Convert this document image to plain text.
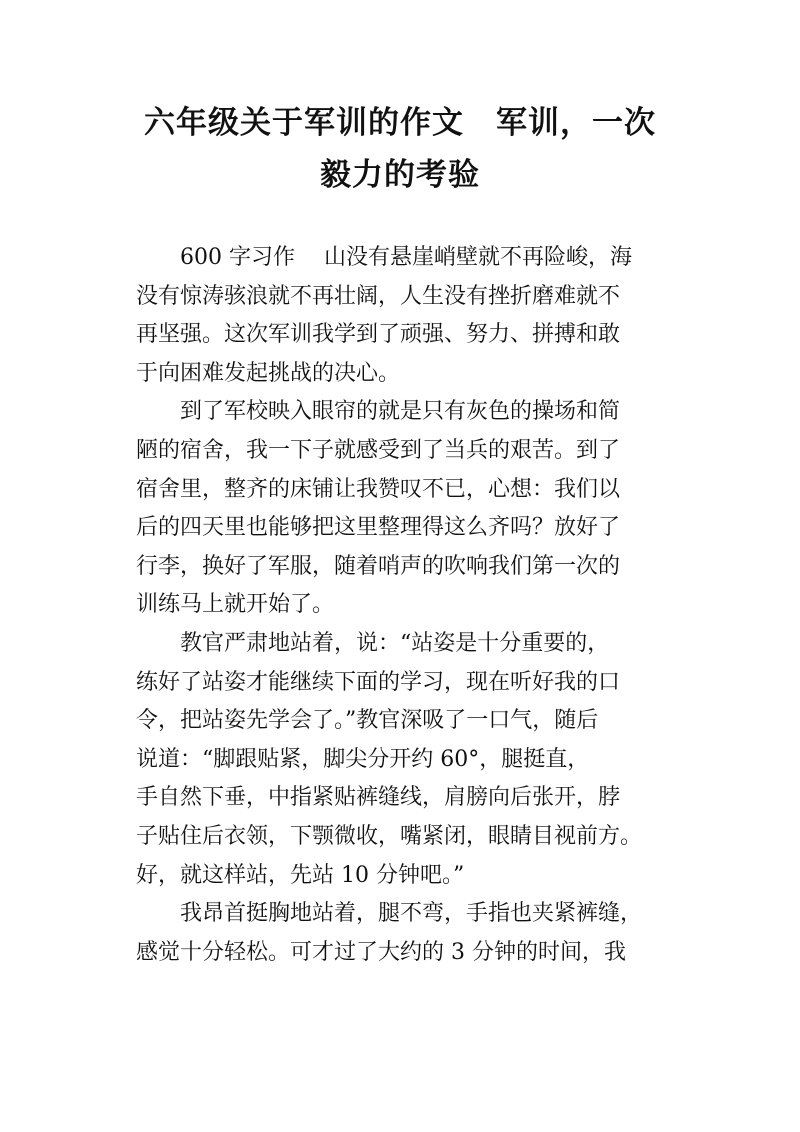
六年级关于军训的作文　军训，一次
毅力的考验

600 字习作　 山没有悬崖峭壁就不再险峻，海
没有惊涛骇浪就不再壮阔，人生没有挫折磨难就不
再坚强。这次军训我学到了顽强、努力、拼搏和敢
于向困难发起挑战的决心。

到了军校映入眼帘的就是只有灰色的操场和简
陋的宿舍，我一下子就感受到了当兵的艰苦。到了
宿舍里，整齐的床铺让我赞叹不已，心想：我们以
后的四天里也能够把这里整理得这么齐吗？放好了
行李，换好了军服，随着哨声的吹响我们第一次的
训练马上就开始了。

教官严肃地站着，说：“站姿是十分重要的，
练好了站姿才能继续下面的学习，现在听好我的口
令，把站姿先学会了。”教官深吸了一口气，随后
说道：“脚跟贴紧，脚尖分开约 60°，腿挺直，
手自然下垂，中指紧贴裤缝线，肩膀向后张开，脖
子贴住后衣领，下颚微收，嘴紧闭，眼睛目视前方。
好，就这样站，先站 10 分钟吧。”

我昂首挺胸地站着，腿不弯，手指也夹紧裤缝，
感觉十分轻松。可才过了大约的 3 分钟的时间，我
